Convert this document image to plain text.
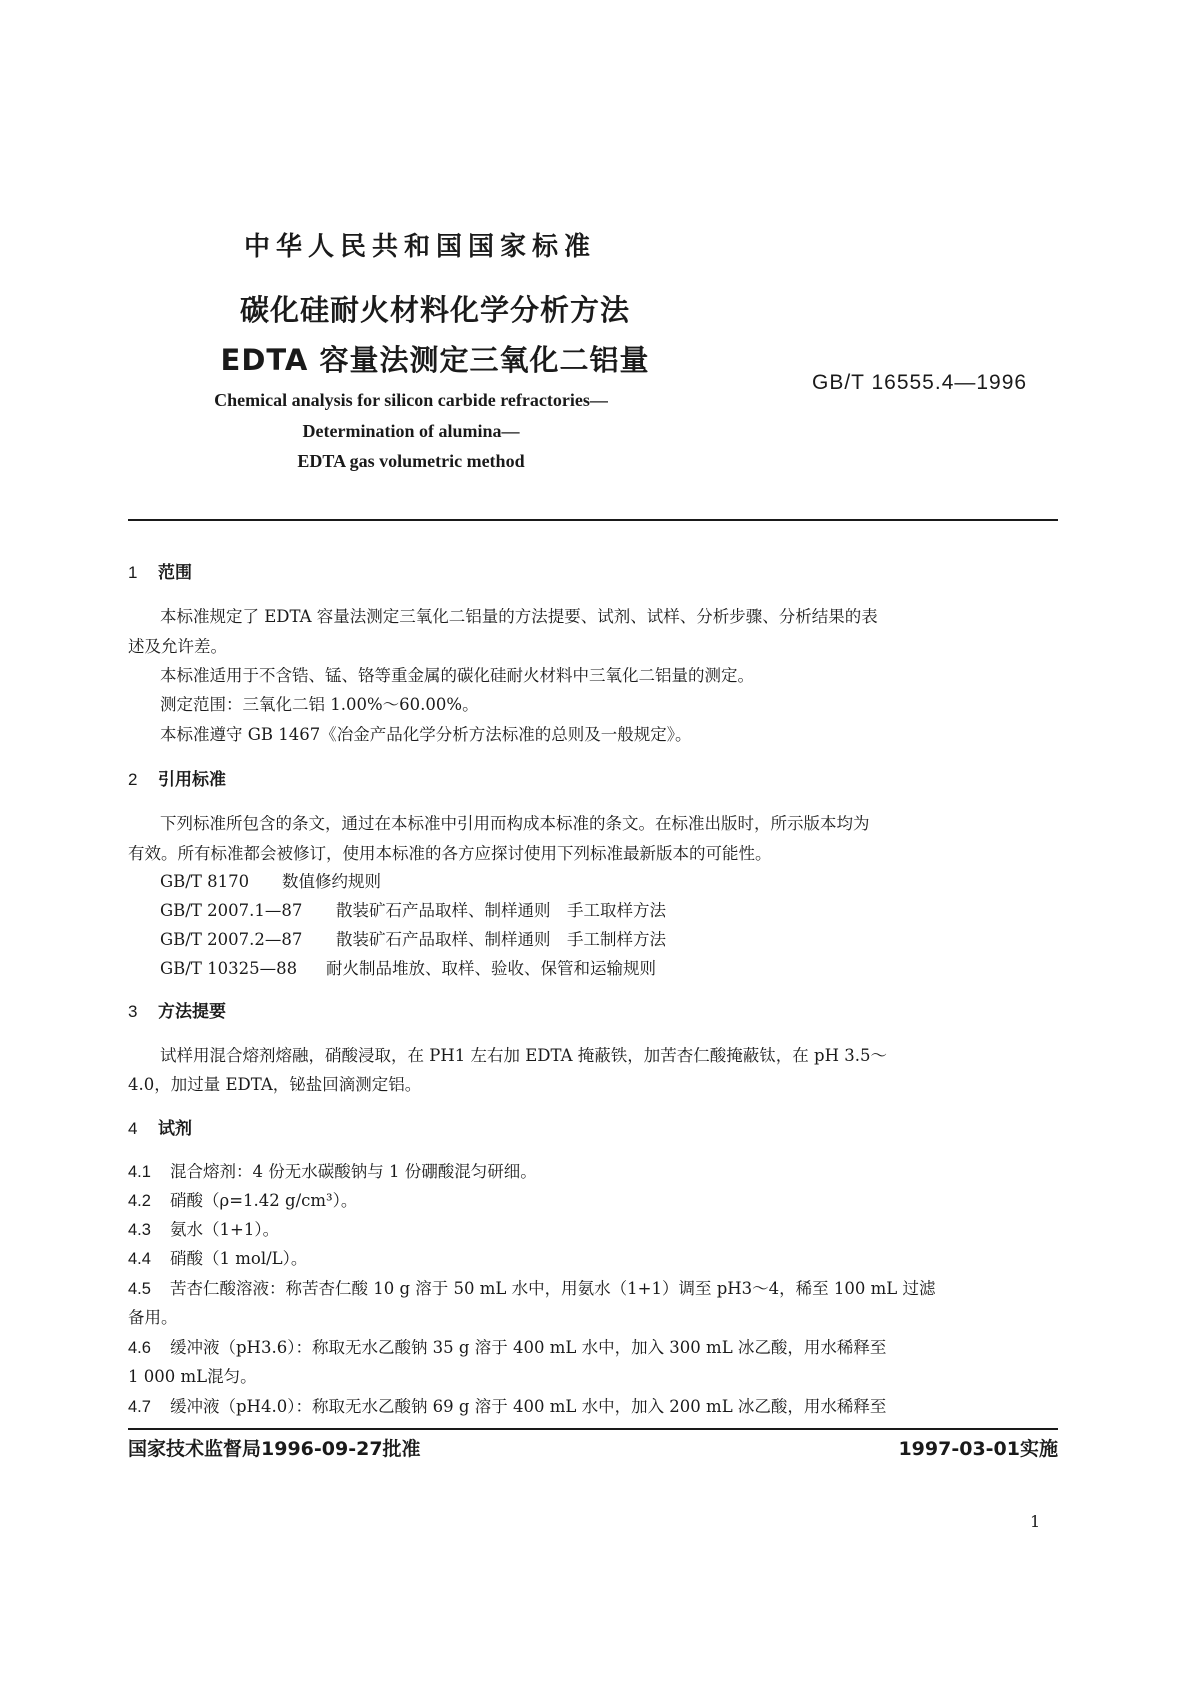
中华人民共和国国家标准
碳化硅耐火材料化学分析方法
EDTA 容量法测定三氧化二铝量
GB/T 16555.4—1996
Chemical analysis for silicon carbide refractories—
Determination of alumina—
EDTA gas volumetric method
1 范围
本标准规定了 EDTA 容量法测定三氧化二铝量的方法提要、试剂、试样、分析步骤、分析结果的表
述及允许差。
本标准适用于不含锆、锰、铬等重金属的碳化硅耐火材料中三氧化二铝量的测定。
测定范围：三氧化二铝 1.00%～60.00%。
本标准遵守 GB 1467《冶金产品化学分析方法标准的总则及一般规定》。
2 引用标准
下列标准所包含的条文，通过在本标准中引用而构成本标准的条文。在标准出版时，所示版本均为
有效。所有标准都会被修订，使用本标准的各方应探讨使用下列标准最新版本的可能性。
GB/T 8170 数值修约规则
GB/T 2007.1—87 散装矿石产品取样、制样通则　手工取样方法
GB/T 2007.2—87 散装矿石产品取样、制样通则　手工制样方法
GB/T 10325—88 耐火制品堆放、取样、验收、保管和运输规则
3 方法提要
试样用混合熔剂熔融，硝酸浸取，在 PH1 左右加 EDTA 掩蔽铁，加苦杏仁酸掩蔽钛，在 pH 3.5～
4.0，加过量 EDTA，铋盐回滴测定铝。
4 试剂
4.1 混合熔剂：4 份无水碳酸钠与 1 份硼酸混匀研细。
4.2 硝酸（ρ=1.42 g/cm³）。
4.3 氨水（1+1）。
4.4 硝酸（1 mol/L）。
4.5 苦杏仁酸溶液：称苦杏仁酸 10 g 溶于 50 mL 水中，用氨水（1+1）调至 pH3～4，稀至 100 mL 过滤
备用。
4.6 缓冲液（pH3.6）：称取无水乙酸钠 35 g 溶于 400 mL 水中，加入 300 mL 冰乙酸，用水稀释至
1 000 mL混匀。
4.7 缓冲液（pH4.0）：称取无水乙酸钠 69 g 溶于 400 mL 水中，加入 200 mL 冰乙酸，用水稀释至
国家技术监督局1996-09-27批准	1997-03-01实施
1
